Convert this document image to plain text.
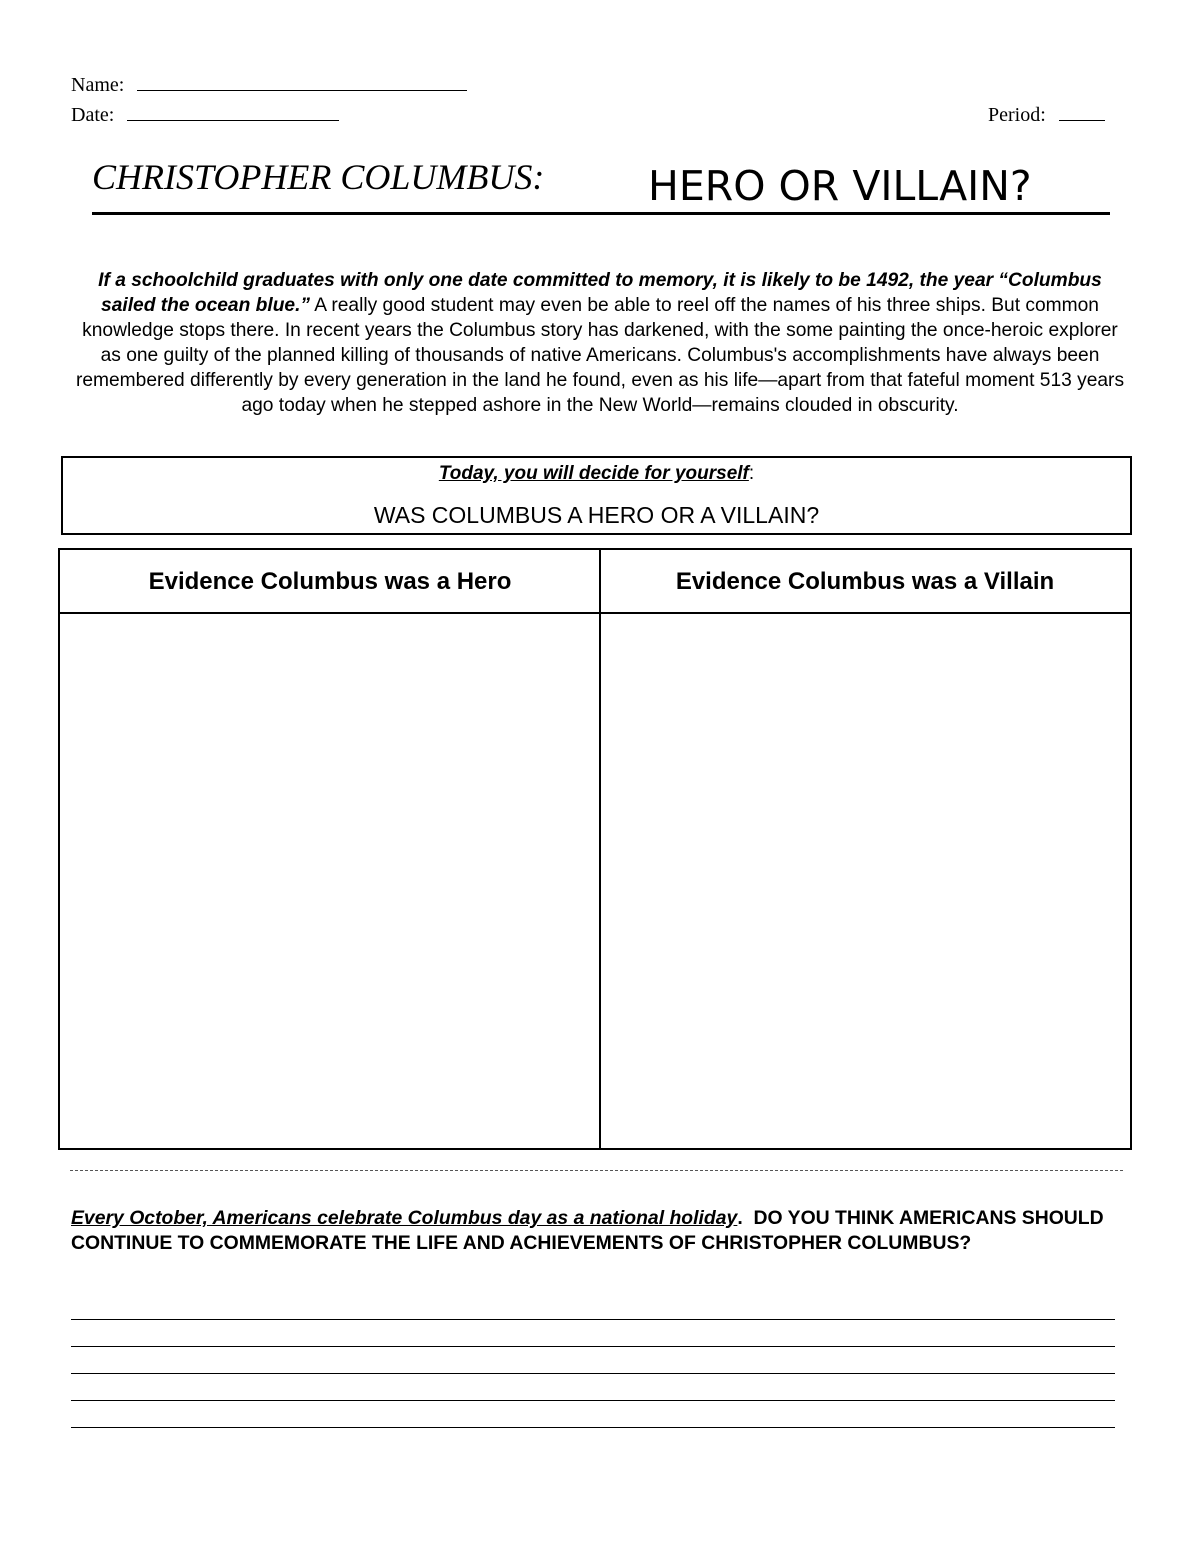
Name:
Date:	Period:
CHRISTOPHER COLUMBUS:	HERO OR VILLAIN?
If a schoolchild graduates with only one date committed to memory, it is likely to be 1492, the year “Columbus sailed the ocean blue.” A really good student may even be able to reel off the names of his three ships. But common knowledge stops there. In recent years the Columbus story has darkened, with the some painting the once-heroic explorer as one guilty of the planned killing of thousands of native Americans. Columbus's accomplishments have always been remembered differently by every generation in the land he found, even as his life—apart from that fateful moment 513 years ago today when he stepped ashore in the New World—remains clouded in obscurity.
Today, you will decide for yourself:
WAS COLUMBUS A HERO OR A VILLAIN?
Evidence Columbus was a Hero	Evidence Columbus was a Villain
Every October, Americans celebrate Columbus day as a national holiday.  DO YOU THINK AMERICANS SHOULD CONTINUE TO COMMEMORATE THE LIFE AND ACHIEVEMENTS OF CHRISTOPHER COLUMBUS?
